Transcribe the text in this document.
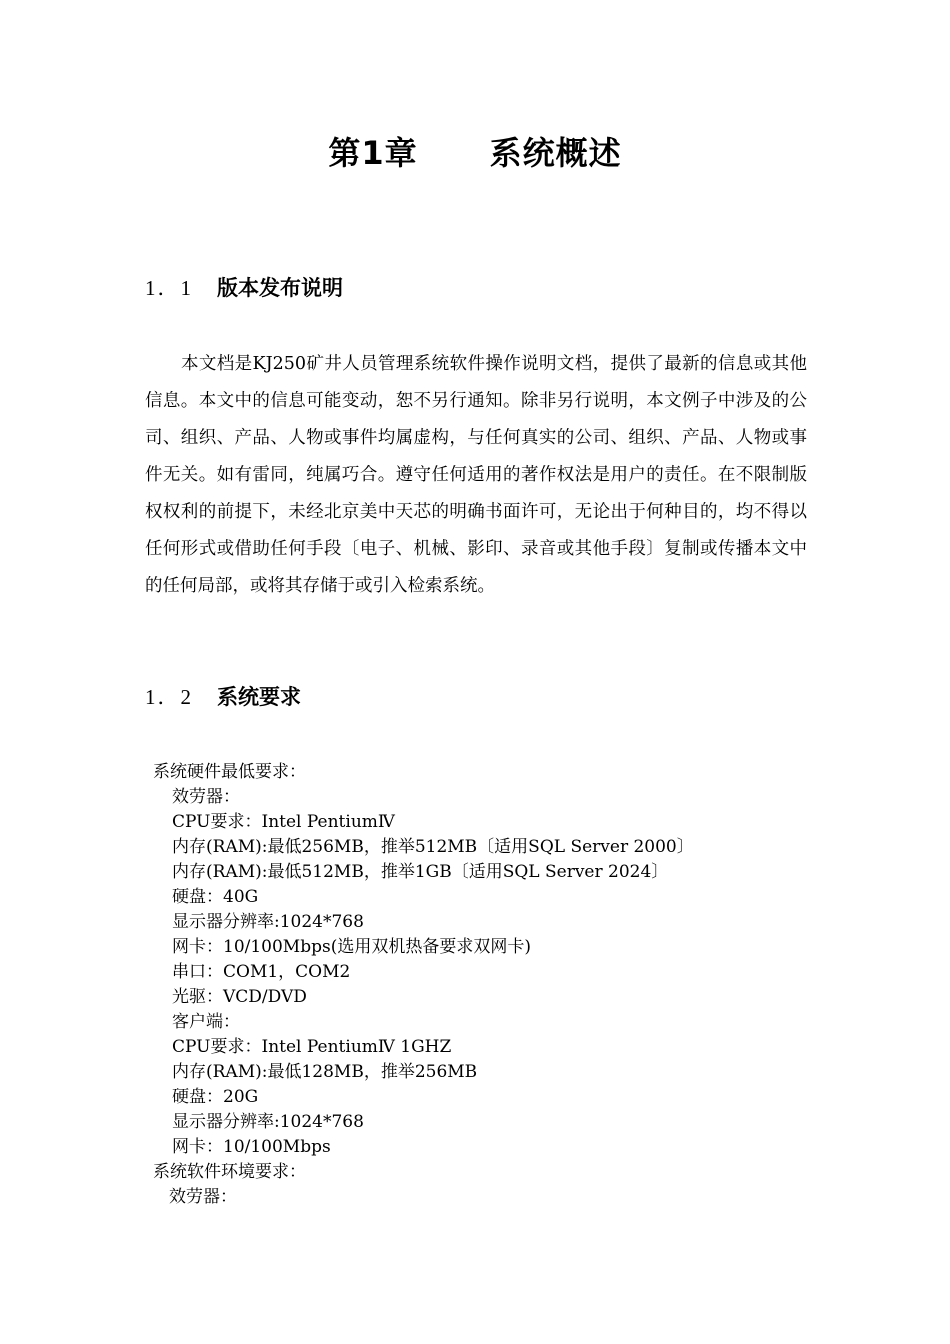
第1章 系统概述
1．1 版本发布说明

本文档是KJ250矿井人员管理系统软件操作说明文档，提供了最新的信息或其他信息。本文中的信息可能变动，恕不另行通知。除非另行说明，本文例子中涉及的公司、组织、产品、人物或事件均属虚构，与任何真实的公司、组织、产品、人物或事件无关。如有雷同，纯属巧合。遵守任何适用的著作权法是用户的责任。在不限制版权权利的前提下，未经北京美中天芯的明确书面许可，无论出于何种目的，均不得以任何形式或借助任何手段〔电子、机械、影印、录音或其他手段〕复制或传播本文中的任何局部，或将其存储于或引入检索系统。

1．2 系统要求
系统硬件最低要求：
效劳器：
CPU要求：Intel PentiumⅣ
内存(RAM):最低256MB，推举512MB〔适用SQL Server 2000〕
内存(RAM):最低512MB，推举1GB〔适用SQL Server 2024〕
硬盘：40G
显示器分辨率:1024*768
网卡：10/100Mbps(选用双机热备要求双网卡)
串口：COM1，COM2
光驱：VCD/DVD
客户端：
CPU要求：Intel PentiumⅣ 1GHZ
内存(RAM):最低128MB，推举256MB
硬盘：20G
显示器分辨率:1024*768
网卡：10/100Mbps
系统软件环境要求：
效劳器：
